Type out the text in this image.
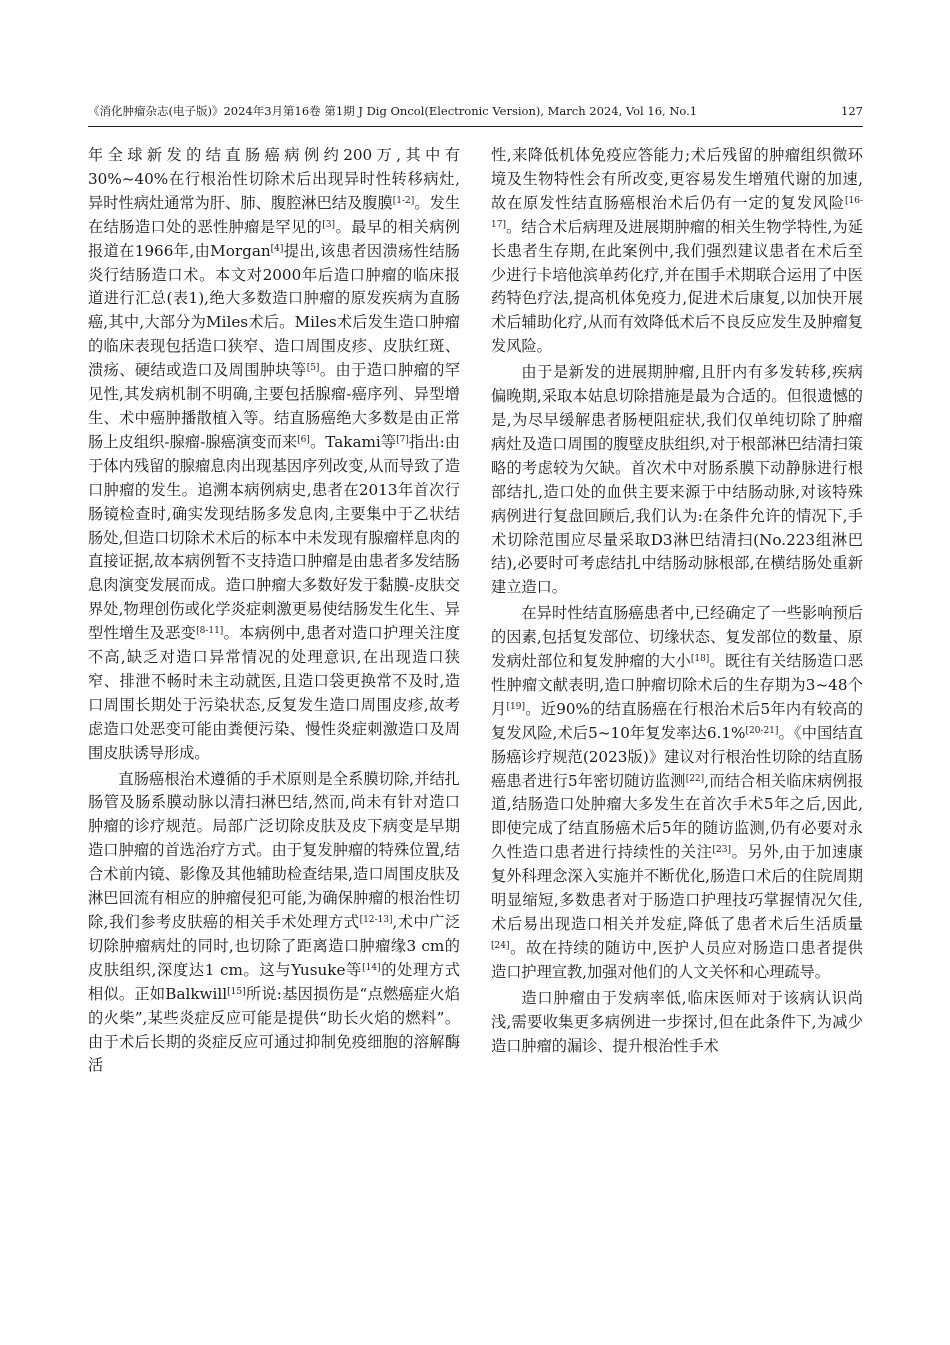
《消化肿瘤杂志(电子版)》2024年3月第16卷 第1期 J Dig Oncol(Electronic Version), March 2024, Vol 16, No.1	127

年全球新发的结直肠癌病例约200万,其中有30%~40%在行根治性切除术后出现异时性转移病灶,异时性病灶通常为肝、肺、腹腔淋巴结及腹膜[1-2]。发生在结肠造口处的恶性肿瘤是罕见的[3]。最早的相关病例报道在1966年,由Morgan[4]提出,该患者因溃疡性结肠炎行结肠造口术。本文对2000年后造口肿瘤的临床报道进行汇总(表1),绝大多数造口肿瘤的原发疾病为直肠癌,其中,大部分为Miles术后。Miles术后发生造口肿瘤的临床表现包括造口狭窄、造口周围皮疹、皮肤红斑、溃疡、硬结或造口及周围肿块等[5]。由于造口肿瘤的罕见性,其发病机制不明确,主要包括腺瘤-癌序列、异型增生、术中癌肿播散植入等。结直肠癌绝大多数是由正常肠上皮组织-腺瘤-腺癌演变而来[6]。Takami等[7]指出:由于体内残留的腺瘤息肉出现基因序列改变,从而导致了造口肿瘤的发生。追溯本病例病史,患者在2013年首次行肠镜检查时,确实发现结肠多发息肉,主要集中于乙状结肠处,但造口切除术术后的标本中未发现有腺瘤样息肉的直接证据,故本病例暂不支持造口肿瘤是由患者多发结肠息肉演变发展而成。造口肿瘤大多数好发于黏膜-皮肤交界处,物理创伤或化学炎症刺激更易使结肠发生化生、异型性增生及恶变[8-11]。本病例中,患者对造口护理关注度不高,缺乏对造口异常情况的处理意识,在出现造口狭窄、排泄不畅时未主动就医,且造口袋更换常不及时,造口周围长期处于污染状态,反复发生造口周围皮疹,故考虑造口处恶变可能由粪便污染、慢性炎症刺激造口及周围皮肤诱导形成。

直肠癌根治术遵循的手术原则是全系膜切除,并结扎肠管及肠系膜动脉以清扫淋巴结,然而,尚未有针对造口肿瘤的诊疗规范。局部广泛切除皮肤及皮下病变是早期造口肿瘤的首选治疗方式。由于复发肿瘤的特殊位置,结合术前内镜、影像及其他辅助检查结果,造口周围皮肤及淋巴回流有相应的肿瘤侵犯可能,为确保肿瘤的根治性切除,我们参考皮肤癌的相关手术处理方式[12-13],术中广泛切除肿瘤病灶的同时,也切除了距离造口肿瘤缘3 cm的皮肤组织,深度达1 cm。这与Yusuke等[14]的处理方式相似。正如Balkwill[15]所说:基因损伤是“点燃癌症火焰的火柴”,某些炎症反应可能是提供“助长火焰的燃料”。由于术后长期的炎症反应可通过抑制免疫细胞的溶解酶活

性,来降低机体免疫应答能力;术后残留的肿瘤组织微环境及生物特性会有所改变,更容易发生增殖代谢的加速,故在原发性结直肠癌根治术后仍有一定的复发风险[16-17]。结合术后病理及进展期肿瘤的相关生物学特性,为延长患者生存期,在此案例中,我们强烈建议患者在术后至少进行卡培他滨单药化疗,并在围手术期联合运用了中医药特色疗法,提高机体免疫力,促进术后康复,以加快开展术后辅助化疗,从而有效降低术后不良反应发生及肿瘤复发风险。

由于是新发的进展期肿瘤,且肝内有多发转移,疾病偏晚期,采取本姑息切除措施是最为合适的。但很遗憾的是,为尽早缓解患者肠梗阻症状,我们仅单纯切除了肿瘤病灶及造口周围的腹壁皮肤组织,对于根部淋巴结清扫策略的考虑较为欠缺。首次术中对肠系膜下动静脉进行根部结扎,造口处的血供主要来源于中结肠动脉,对该特殊病例进行复盘回顾后,我们认为:在条件允许的情况下,手术切除范围应尽量采取D3淋巴结清扫(No.223组淋巴结),必要时可考虑结扎中结肠动脉根部,在横结肠处重新建立造口。

在异时性结直肠癌患者中,已经确定了一些影响预后的因素,包括复发部位、切缘状态、复发部位的数量、原发病灶部位和复发肿瘤的大小[18]。既往有关结肠造口恶性肿瘤文献表明,造口肿瘤切除术后的生存期为3~48个月[19]。近90%的结直肠癌在行根治术后5年内有较高的复发风险,术后5~10年复发率达6.1%[20-21]。《中国结直肠癌诊疗规范(2023版)》建议对行根治性切除的结直肠癌患者进行5年密切随访监测[22],而结合相关临床病例报道,结肠造口处肿瘤大多发生在首次手术5年之后,因此,即使完成了结直肠癌术后5年的随访监测,仍有必要对永久性造口患者进行持续性的关注[23]。另外,由于加速康复外科理念深入实施并不断优化,肠造口术后的住院周期明显缩短,多数患者对于肠造口护理技巧掌握情况欠佳,术后易出现造口相关并发症,降低了患者术后生活质量[24]。故在持续的随访中,医护人员应对肠造口患者提供造口护理宣教,加强对他们的人文关怀和心理疏导。

造口肿瘤由于发病率低,临床医师对于该病认识尚浅,需要收集更多病例进一步探讨,但在此条件下,为减少造口肿瘤的漏诊、提升根治性手术
